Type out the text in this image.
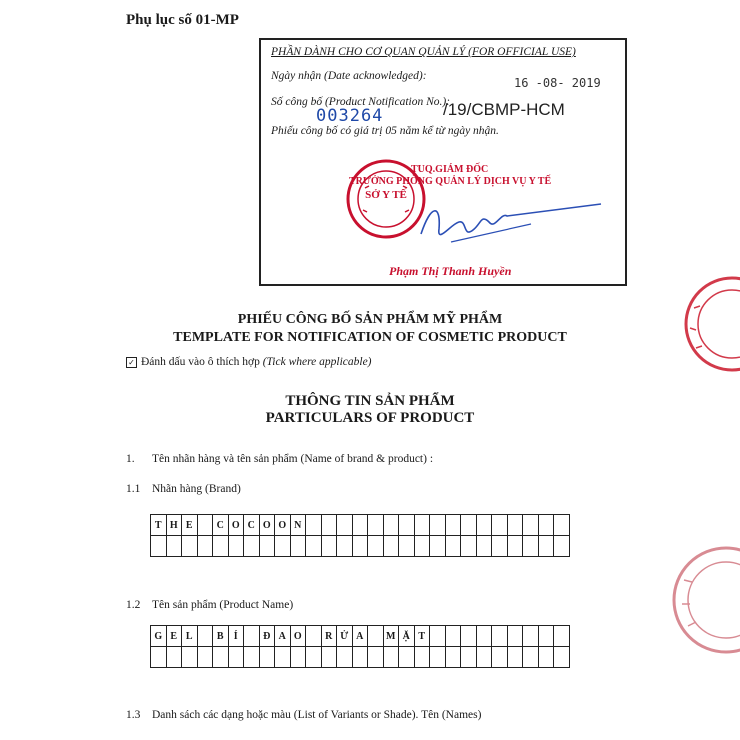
Phụ lục số 01-MP
PHẦN DÀNH CHO CƠ QUAN QUẢN LÝ (FOR OFFICIAL USE)
Ngày nhận (Date acknowledged):	16 -08- 2019
Số công bố (Product Notification No.):
003264	/19/CBMP-HCM
Phiếu công bố có giá trị 05 năm kể từ ngày nhận.
SỞ Y TẾ
TUQ.GIÁM ĐỐC
TRƯỞNG PHÒNG QUẢN LÝ DỊCH VỤ Y TẾ
Phạm Thị Thanh Huyền
PHIẾU CÔNG BỐ SẢN PHẨM MỸ PHẨM
TEMPLATE FOR NOTIFICATION OF COSMETIC PRODUCT
✓ Đánh dấu vào ô thích hợp (Tick where applicable)
THÔNG TIN SẢN PHẨM
PARTICULARS OF PRODUCT
1. Tên nhãn hàng và tên sản phẩm (Name of brand & product) :
1.1 Nhãn hàng (Brand)
T	H	E		C	O	C	O	O	N																	

1.2 Tên sản phẩm (Product Name)
G	E	L		B	Í		Đ	A	O		R	Ử	A		M	Ặ	T									

1.3 Danh sách các dạng hoặc màu (List of Variants or Shade). Tên (Names)
